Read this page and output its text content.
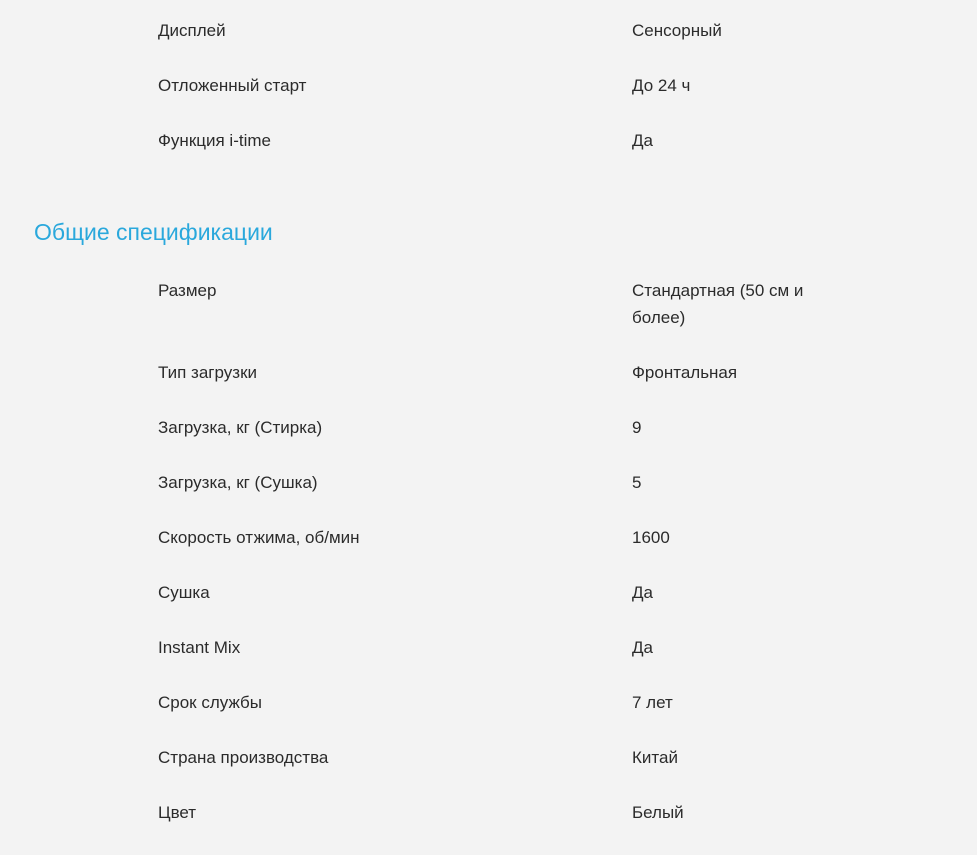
Дисплей	Сенсорный
Отложенный старт	До 24 ч
Функция i-time	Да
Общие спецификации
Размер	Стандартная (50 см и более)
Тип загрузки	Фронтальная
Загрузка, кг (Стирка)	9
Загрузка, кг (Сушка)	5
Скорость отжима, об/мин	1600
Сушка	Да
Instant Mix	Да
Срок службы	7 лет
Страна производства	Китай
Цвет	Белый
